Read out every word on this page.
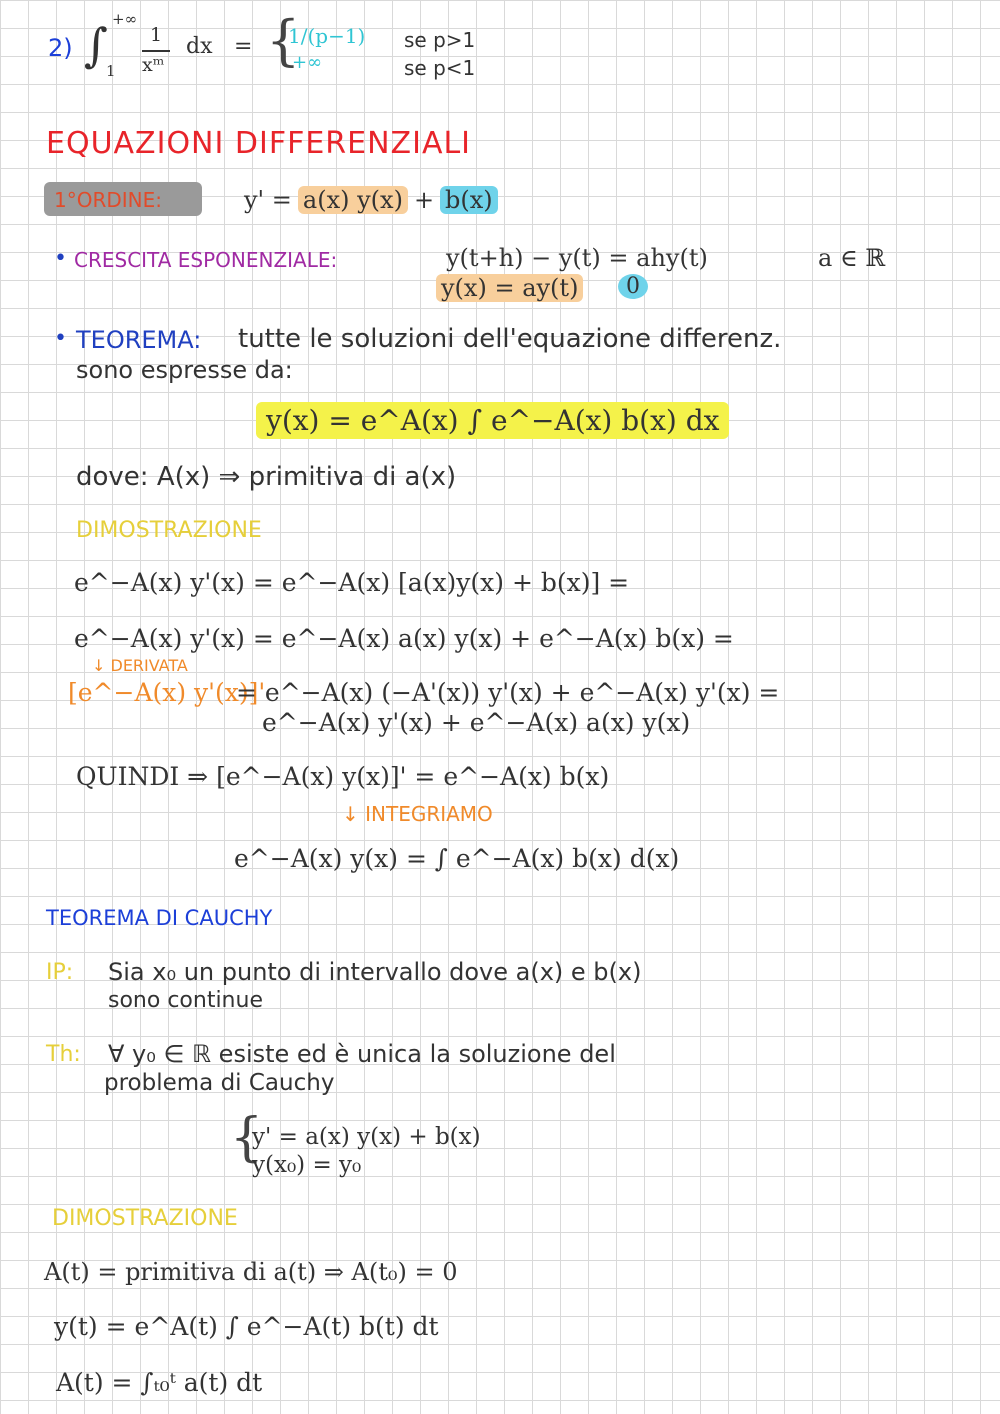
2) ∫ +∞
1
1
xᵐ
dx = {
1/(p−1)
+∞
se p>1
se p<1
EQUAZIONI DIFFERENZIALI
1°ORDINE:	y' = a(x) y(x) + b(x)
• CRESCITA ESPONENZIALE:	y(t+h) − y(t) = ahy(t)	a ∈ ℝ
y(x) = ay(t)	0
• TEOREMA: tutte le soluzioni dell'equazione differenz.
sono espresse da:
y(x) = e^A(x) ∫ e^−A(x) b(x) dx
dove: A(x) ⇒ primitiva di a(x)
DIMOSTRAZIONE
e^−A(x) y'(x) = e^−A(x) [a(x)y(x) + b(x)] =
e^−A(x) y'(x) = e^−A(x) a(x) y(x) + e^−A(x) b(x) =
↓ DERIVATA
[e^−A(x) y'(x)]'
= e^−A(x) (−A'(x)) y'(x) + e^−A(x) y'(x) =
e^−A(x) y'(x) + e^−A(x) a(x) y(x)
QUINDI ⇒ [e^−A(x) y(x)]' = e^−A(x) b(x)
↓ INTEGRIAMO
e^−A(x) y(x) = ∫ e^−A(x) b(x) d(x)
TEOREMA DI CAUCHY
IP: Sia x₀ un punto di intervallo dove a(x) e b(x)
sono continue
Th: ∀ y₀ ∈ ℝ esiste ed è unica la soluzione del
problema di Cauchy
{
y' = a(x) y(x) + b(x)
y(x₀) = y₀
DIMOSTRAZIONE
A(t) = primitiva di a(t) ⇒ A(t₀) = 0
y(t) = e^A(t) ∫ e^−A(t) b(t) dt
A(t) = ∫ₜ₀ᵗ a(t) dt
